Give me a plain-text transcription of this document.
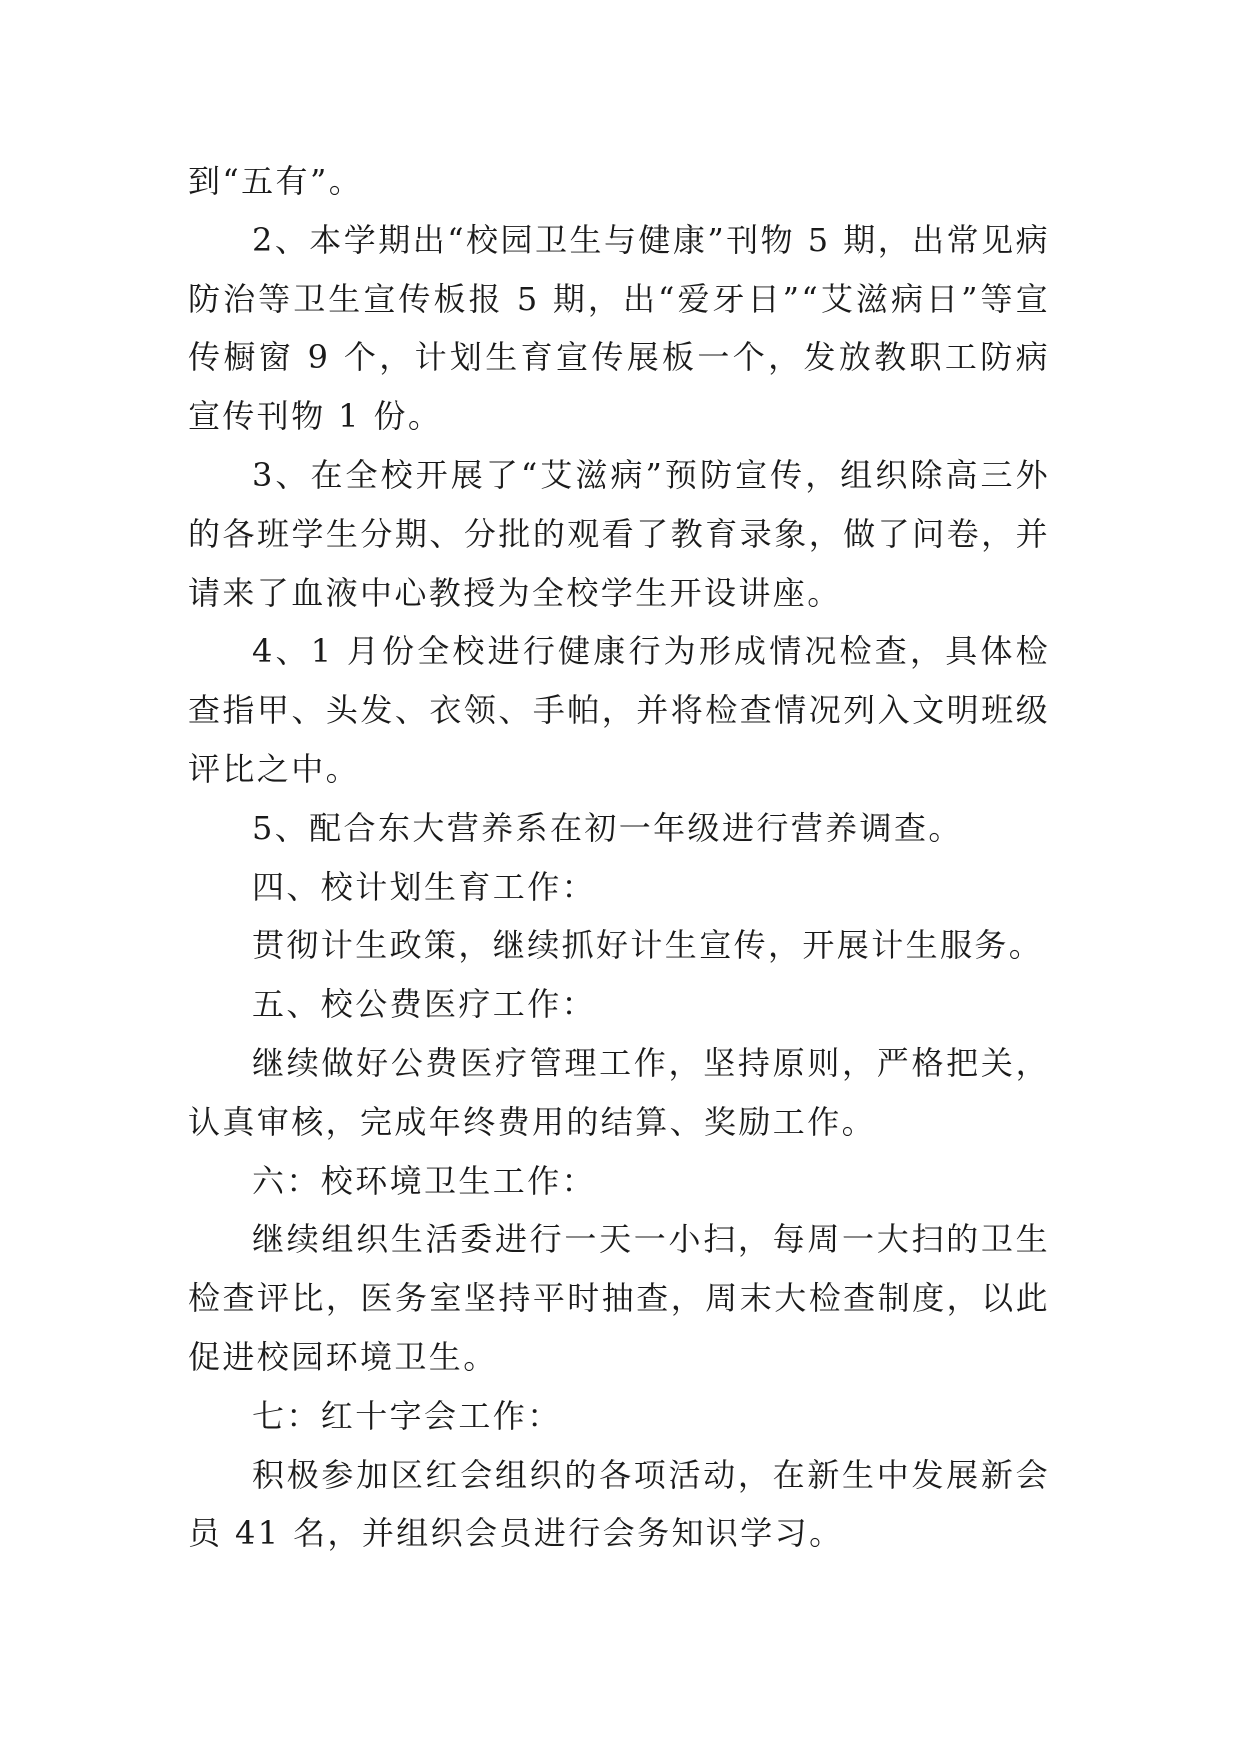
到“五有”。

2、本学期出“校园卫生与健康”刊物 5 期，出常见病防治等卫生宣传板报 5 期，出“爱牙日”“艾滋病日”等宣传橱窗 9 个，计划生育宣传展板一个，发放教职工防病宣传刊物 1 份。

3、在全校开展了“艾滋病”预防宣传，组织除高三外的各班学生分期、分批的观看了教育录象，做了问卷，并请来了血液中心教授为全校学生开设讲座。

4、1 月份全校进行健康行为形成情况检查，具体检查指甲、头发、衣领、手帕，并将检查情况列入文明班级评比之中。

5、配合东大营养系在初一年级进行营养调查。

四、校计划生育工作：

贯彻计生政策，继续抓好计生宣传，开展计生服务。

五、校公费医疗工作：

继续做好公费医疗管理工作，坚持原则，严格把关，认真审核，完成年终费用的结算、奖励工作。

六：校环境卫生工作：

继续组织生活委进行一天一小扫，每周一大扫的卫生检查评比，医务室坚持平时抽查，周末大检查制度，以此促进校园环境卫生。

七：红十字会工作：

积极参加区红会组织的各项活动，在新生中发展新会员 41 名，并组织会员进行会务知识学习。
